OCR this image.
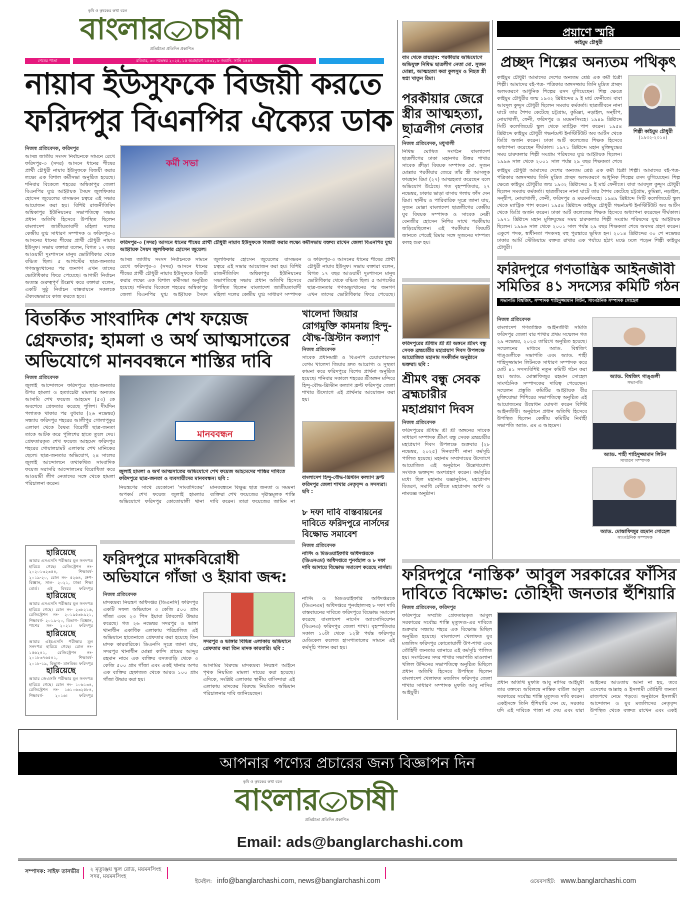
কৃষি ও কৃষকের কথা বলে
বাংলার চাষী
প্রতিষ্ঠাতা প্রতিদিন প্রকাশিত
শেষের পাতা	রবিবার, ৩০ নভেম্বর ২০২৫, ১৫ অগ্রহায়ণ ১৪৩২, ৮ জমাদি. সানি ১৪৪৭
নায়াব ইউসুফকে বিজয়ী করতে
ফরিদপুর বিএনপির ঐক্যের ডাক
নিজস্ব প্রতিবেদক, ফরিদপুর
আসন্ন জাতীয় সংসদ নির্বাচনকে সামনে রেখে ফরিদপুর-৩ (সদর) আসনে ধানের শীষের প্রার্থী চৌধুরী নায়াব ইউসুফকে বিজয়ী করার লক্ষ্যে এক বিশাল কর্মীসভা অনুষ্ঠিত হয়েছে। শনিবার বিকেলে শহরের অম্বিকাপুর জেলা বিএনপির যুগ্ম আহ্বায়ক সৈয়দ জুলফিকার হোসেন জুয়েলের বাসভবন চত্বরে এই সভার আয়োজন করা হয়। বিশিষ্ট রাজনীতিবিদ অম্বিকাপুর ইউনিয়নের সভাপতিত্বে সভায় প্রধান অতিথি হিসেবে উপস্থিত ছিলেন বাংলাদেশ জাতীয়তাবাদী মহিলা দলের কেন্দ্রীয় যুগ্ম সাধারণ সম্পাদক ও ফরিদপুর-৩ আসনের ধানের শীষের প্রার্থী চৌধুরী নায়াব ইউসুফ। সভায় বক্তারা বলেন, বিগত ১৭ বছর আওয়ামী দুঃশাসনে মানুষ ভোটাধিকার থেকে বঞ্চিত ছিল। ৫ আগস্টের ছাত্র-জনতার গণঅভ্যুত্থানের পর জনগণ এখন তাদের ভোটাধিকার ফিরে পেয়েছে। আগামী নির্বাচন অত্যন্ত গুরুত্বপূর্ণ উল্লেখ করে বক্তারা বলেন, একটি সুষ্ঠু নির্বাচন বাস্তবায়নে সকলকে ঐক্যবদ্ধভাবে কাজ করতে হবে।
কর্মী সভা
ফরিদপুর-৩ (সদর) আসনে ধানের শীষের প্রার্থী চৌধুরী নায়াব ইউসুফকে বিজয়ী করার লক্ষ্যে কর্মীসভায় বক্তব্য রাখেন জেলা বিএনপির যুগ্ম আহ্বায়ক সৈয়দ জুলফিকার হোসেন জুয়েল।
আসন্ন জাতীয় সংসদ নির্বাচনকে সামনে রেখে ফরিদপুর-৩ (সদর) আসনে ধানের শীষের প্রার্থী চৌধুরী নায়াব ইউসুফকে বিজয়ী করার লক্ষ্যে এক বিশাল কর্মীসভা অনুষ্ঠিত হয়েছে। শনিবার বিকেলে শহরের অম্বিকাপুর জেলা বিএনপির যুগ্ম আহ্বায়ক সৈয়দ জুলফিকার হোসেন জুয়েলের বাসভবন চত্বরে এই সভার আয়োজন করা হয়। বিশিষ্ট রাজনীতিবিদ অম্বিকাপুর ইউনিয়নের সভাপতিত্বে সভায় প্রধান অতিথি হিসেবে উপস্থিত ছিলেন বাংলাদেশ জাতীয়তাবাদী মহিলা দলের কেন্দ্রীয় যুগ্ম সাধারণ সম্পাদক ও ফরিদপুর-৩ আসনের ধানের শীষের প্রার্থী চৌধুরী নায়াব ইউসুফ। সভায় বক্তারা বলেন, বিগত ১৭ বছর আওয়ামী দুঃশাসনে মানুষ ভোটাধিকার থেকে বঞ্চিত ছিল। ৫ আগস্টের ছাত্র-জনতার গণঅভ্যুত্থানের পর জনগণ এখন তাদের ভোটাধিকার ফিরে পেয়েছে।
বাম থেকে রায়হান: পরকীয়ার অভিযোগে অভিযুক্ত নিষিদ্ধ ছাত্রলীগ নেতা মো. সুজন মোল্লা, আত্মহত্যা করা কুলসুম ও নিহত স্ত্রী স্বপ্না খাতুন রিমা।
পরকীয়ার জেরে স্ত্রীর আত্মহত্যা, ছাত্রলীগ নেতার
নিজস্ব প্রতিবেদক, মধুখালী
নিষিদ্ধ ঘোষিত সংগঠন বাংলাদেশ ছাত্রলীগের ঢাকা মহানগর উত্তর শাখার সাবেক ক্রীড়া বিষয়ক সম্পাদক মো. সুজন মোল্লার পরকীয়ার জেরে তাঁর স্ত্রী আসলুক ফারহান রিমা (২৭) আত্মহত্যা করেছেন বলে অভিযোগ উঠেছে। গত বৃহস্পতিবার, ২৭ নভেম্বর, ঢাকার ভাড়া বাসায় গলায় ফাঁস দেন রিমা। স্থানীয় ও পারিবারিক সূত্রে জানা যায়, সুজন মোল্লা বাংলাদেশ ছাত্রলীগের কেন্দ্রীয় যুব বিষয়ক সম্পাদক ও সাবেক নেত্রী বেনজীর হোসেন নিশির সাথে পরকীয়ায় জড়িয়েছিলেন। এই পরকীয়ার বিষয়টি জানতে পেরেই রিমার সঙ্গে সুজনের দাম্পত্য কলহ শুরু হয়।
প্রয়াণে স্মরি
কাইয়ুম চৌধুরী
প্রচ্ছদ শিল্পের অন্যতম পথিকৃৎ
কাইয়ুম চৌধুরী আমাদের দেশের অন্যতম শ্রেষ্ঠ এক কর্মী চিত্রী শিল্পী। আমাদের বই-পত্র- পত্রিকার অঙ্গসজ্জায় তিনি মুদ্রিত প্রচ্ছদ অলংকরণে আধুনিক শিল্পের রসদ যুগিয়েছেন। শিল্প ক্ষেত্রে কাইয়ুম চৌধুরীর জন্ম ১৯৩২ খ্রিষ্টাব্দের ৯ ই মার্চ ফেনীতে। বাবা আবদুল কুদ্দুস চৌধুরী ছিলেন সমবায় কর্মকর্তা। ছাত্রজীবনে নানা ঘাটে তার শৈশব কেটেছে চট্টগ্রাম, কুমিল্লা, নড়াইল, সন্দ্বীপ, নোয়াখালী, ফেনী, ফরিদপুর ও ময়মনসিংহে। ১৯৪৯ খ্রিষ্টাব্দে সিটি কলেজিয়েট স্কুল থেকে ম্যাট্রিক পাশ করেন। ১৯৫৪ খ্রিষ্টাব্দে কাইয়ুম চৌধুরী গভর্নমেন্ট ইনস্টিটিউট অব আর্টস থেকে ডিগ্রি অর্জন করেন। ঢাকা আর্ট কলেজের শিক্ষক হিসেবে অধ্যাপনা করেছেন দীর্ঘকাল। ১৯৭১ খ্রিষ্টাব্দে মহান মুক্তিযুদ্ধের সময় চারুকলার শিল্পী সংগ্রাম পরিষদের যুগ্ম আহ্বায়ক ছিলেন। ১৯৯৬ সাল থেকে ২০০১ সাল পর্যন্ত ২৯ বছর শিক্ষকতা শেষে
শিল্পী কাইয়ুম চৌধুরী
(১৯৩২-২০১৪)
কাইয়ুম চৌধুরী আমাদের দেশের অন্যতম শ্রেষ্ঠ এক কর্মী চিত্রী শিল্পী। আমাদের বই-পত্র- পত্রিকার অঙ্গসজ্জায় তিনি মুদ্রিত প্রচ্ছদ অলংকরণে আধুনিক শিল্পের রসদ যুগিয়েছেন। শিল্প ক্ষেত্রে কাইয়ুম চৌধুরীর জন্ম ১৯৩২ খ্রিষ্টাব্দের ৯ ই মার্চ ফেনীতে। বাবা আবদুল কুদ্দুস চৌধুরী ছিলেন সমবায় কর্মকর্তা। ছাত্রজীবনে নানা ঘাটে তার শৈশব কেটেছে চট্টগ্রাম, কুমিল্লা, নড়াইল, সন্দ্বীপ, নোয়াখালী, ফেনী, ফরিদপুর ও ময়মনসিংহে। ১৯৪৯ খ্রিষ্টাব্দে সিটি কলেজিয়েট স্কুল থেকে ম্যাট্রিক পাশ করেন। ১৯৫৪ খ্রিষ্টাব্দে কাইয়ুম চৌধুরী গভর্নমেন্ট ইনস্টিটিউট অব আর্টস থেকে ডিগ্রি অর্জন করেন। ঢাকা আর্ট কলেজের শিক্ষক হিসেবে অধ্যাপনা করেছেন দীর্ঘকাল। ১৯৭১ খ্রিষ্টাব্দে মহান মুক্তিযুদ্ধের সময় চারুকলার শিল্পী সংগ্রাম পরিষদের যুগ্ম আহ্বায়ক ছিলেন। ১৯৯৬ সাল থেকে ২০০১ সাল পর্যন্ত ২৯ বছর শিক্ষকতা শেষে অবসর গ্রহণ করেন। একুশে পদক, স্বাধীনতা পদকসহ বহু পুরস্কারে ভূষিত হন। ২০১৪ খ্রিষ্টাব্দের ৩০ শে নভেম্বর ঢাকার আর্মি স্টেডিয়ামে বক্তব্য রাখার এক পর্যায়ে হঠাৎ মঞ্চে ঢলে পড়েন শিল্পী কাইয়ুম চৌধুরী।
ফরিদপুরে গণতান্ত্রিক আইনজীবী সমিতির ৪১ সদস্যের কমিটি গঠন
সভাপতি বিশ্বজিৎ, সম্পাদক শাহিদুজ্জামান লিটন, সাংগঠনিক সম্পাদক সোহেল
নিজস্ব প্রতিবেদক
বাংলাদেশ গণতান্ত্রিক আইনজীবী সমিতি ফরিদপুর জেলা বার শাখার প্রথম সম্মেলন গত ২৯ নভেম্বর, ২০২৫ তারিখে অনুষ্ঠিত হয়েছে। সম্মেলনের মাধ্যমে অ্যাড. বিশ্বজিৎ গাঙ্গুলীকে সভাপতি এবং অ্যাড. শাহী শাহিদুজ্জামান লিটনকে সাধারণ সম্পাদক করে মোট ৪১ সদস্যবিশিষ্ট নতুন কমিটি গঠন করা হয়। অ্যাড. মোস্তাফিজুর রহমান সোহেল সাংগঠনিক সম্পাদকের দায়িত্ব পেয়েছেন। সম্মেলন প্রস্তুতি কমিটির আহ্বায়ক বীর মুক্তিযোদ্ধা শিশিরের সভাপতিত্বে অনুষ্ঠিত এই আয়োজনের উদ্বোধন ঘোষণা করেন বিশিষ্ট আইনজীবী। অনুষ্ঠানে প্রধান অতিথি হিসেবে উপস্থিত ছিলেন কেন্দ্রীয় কমিটির নির্বাহী সভাপতি অ্যাড. এম এ আহমেদ।
অ্যাড. বিশ্বজিৎ গাঙ্গুলী
সভাপতি
অ্যাড. শাহী শাহিদুজ্জামান লিটন
সাধারণ সম্পাদক
অ্যাড. মোস্তাফিজুর রহমান সোহেল
সাংগঠনিক সম্পাদক
বিতর্কিত সাংবাদিক শেখ ফয়েজ গ্রেফতার; হামলা ও অর্থ আত্মসাতের অভিযোগে মানববন্ধনে শাস্তির দাবি
নিজস্ব প্রতিবেদক
জুলাই আন্দোলনে ফরিদপুরে ছাত্র-জনতার উপর হামলা ও হত্যাচেষ্টা মামলার অন্যতম আসামি শেখ ফয়েজ আহমেদ (৫৩) কে অবশেষে গ্রেফতার করেছে পুলিশ। দীর্ঘদিন পলাতক থাকার পর বুধবার (২৬ নভেম্বর) সন্ধ্যায় ফরিদপুর শহরের আলীপুর গোলাপুকুর এলাকা থেকে বৈষম্য বিরোধী ছাত্র-জনতা তাকে আটক করে পুলিশের হাতে তুলে দেয়। গ্রেফতারকৃত শেখ ফয়েজ আহমেদ ফরিদপুর শহরের গোয়ালচামট এলাকার শেখ মানিকের ছেলে। ছাত্র-জনতার অভিযোগ, ২৪ সালের জুলাই আন্দোলনে তথাকথিত সাংবাদিক ফয়েজ সরাসরি আন্দোলনের বিরোধিতা করে আওয়ামী লীগ নেতাদের সঙ্গে থেকে হামলা পরিচালনা করেন।
মানববন্ধন
জুলাই হামলা ও অর্থ আত্মসাতের অভিযোগে শেখ ফয়েজ আহমেদের শাস্তির দাবিতে ফরিদপুরে ছাত্র-জনতা ও ব্যবসায়ীদের মানববন্ধন। ছবি :
নিয়ন্ত্রণের সাথে যেকোনো 'সাংবাদিকের' অপকর্ম শেখ ফয়েজ জুলাই হামলার অভিযোগে ফরিদপুর কোতোয়ালী থানা
মানববন্ধনে বিক্ষুব্ধ ছাত্র জনতা ও সমমনা ব্যক্তিরা শেখ ফয়েজের দৃষ্টান্তমূলক শাস্তি দাবি করেন। তারা ফয়েজের জামিন না
খালেদা জিয়ার রোগমুক্তি কামনায় হিন্দু-বৌদ্ধ-খ্রিস্টান কল্যাণ
নিজস্ব প্রতিবেদক
সাবেক প্রধানমন্ত্রী ও বিএনপি চেয়ারপারসন বেগম খালেদা জিয়ার দ্রুত আরোগ্য ও সুস্থতা কামনা করে ফরিদপুরে বিশেষ প্রার্থনা অনুষ্ঠিত হয়েছে। শনিবার সকালে শহরের শ্রীঅঙ্গন মন্দিরে হিন্দু-বৌদ্ধ-খ্রিস্টান কল্যাণ ফ্রন্ট ফরিদপুর জেলা শাখার উদ্যোগে এই প্রার্থনার আয়োজন করা হয়।
বাংলাদেশ হিন্দু-বৌদ্ধ-খ্রিস্টান কল্যাণ ফ্রন্ট ফরিদপুর জেলা শাখার নেতৃবৃন্দ ও সদস্যরা। ছবি :
৮ দফা দাবি বাস্তবায়নের দাবিতে ফরিদপুরে নার্সদের বিক্ষোভ সমাবেশ
নিজস্ব প্রতিবেদক
নার্সিং ও মিডওয়াইফারি অধিদপ্তরকে (ডিএনএম) অধিদপ্তরে পুনর্বহাল ও ৮ দফা দাবি আদায়ে বিক্ষোভ সমাবেশ করেছে নার্সরা।
নার্সিং ও মিডওয়াইফারি অধিদপ্তরকে (ডিএনএম) অধিদপ্তরে পুনর্বহালসহ ৮ দফা দাবি বাস্তবায়নের দাবিতে ফরিদপুরে বিক্ষোভ সমাবেশ করেছে বাংলাদেশ নার্সেস অ্যাসোসিয়েশন (বিএনএ) ফরিদপুর জেলা শাখা। বৃহস্পতিবার সকাল ১০টা থেকে ১২টা পর্যন্ত ফরিদপুর মেডিকেল কলেজ হাসপাতালের সামনে এই কর্মসূচি পালন করা হয়।
ফরিদপুরের শ্রীধাম শ্রী শ্রী অঙ্গনে শ্রীমৎ বন্ধু সেবক ব্রহ্মচারীর মহাপ্রয়াণ দিবস উপলক্ষে আয়োজিত মহানাম সংকীর্তন অনুষ্ঠানে ভক্তরা। ছবি :
শ্রীমৎ বন্ধু সেবক ব্রহ্মচারীর মহাপ্রয়াণ দিবস
নিজস্ব প্রতিবেদক
ফরিদপুরের শ্রীধাম শ্রী শ্রী অঙ্গনের সাবেক সাধারণ সম্পাদক শ্রীমৎ বন্ধু সেবক ব্রহ্মচারীর মহাপ্রয়াণ দিবস উপলক্ষে শুক্রবার (২৮ নভেম্বর, ২০২৫) দিনব্যাপী নানা কর্মসূচি পালিত হয়েছে। মহানাম সম্প্রদায়ের উদ্যোগে আয়োজিত এই অনুষ্ঠানে উল্লেখযোগ্য সংখ্যক ভক্তবৃন্দ অংশগ্রহণ করেন। কর্মসূচির মধ্যে ছিল মহানাম যজ্ঞানুষ্ঠান, মহাপ্রসাদ বিতরণ, সমাধি বেদীতে মহাপ্রসাদ অর্পণ ও নামযজ্ঞ অনুষ্ঠান।
হারিয়েছে
আমার এসএসসি পরীক্ষার মূল সনদপত্র হারিয়ে গেছে। রেজিস্ট্রেশন নং- ২০২০১৩২৩৫৪, শিক্ষাবর্ষ- ২০১৯-২০, রোল নং- ৫২৬৪, গ্রুপ- বিজ্ঞান, সাল- ২০২১, ঢাকা শিক্ষা বোর্ড। এই বিষয়ে ফরিদপুর
হারিয়েছে
আমার এসএসসি পরীক্ষার মূল সনদপত্র হারিয়ে গেছে। রোল নং- ২৩৮২১৬, রেজিস্ট্রেশন নং- ২০১৯৫৩৮৯২১, শিক্ষাবর্ষ- ২০১৯-২০, বিভাগ- বিজ্ঞান, পাশের সন- ২০২১। ফরিদপুর
হারিয়েছে
আমার এইচএসসি পরীক্ষার মূল সনদপত্র হারিয়ে গেছে। রোল নং- ১৫৬২৪১, রেজিস্ট্রেশন নং- ২০১৮৩৭৬৫৪১, শিক্ষাবর্ষ- ২০১৮-১৯, বিভাগ- মানবিক। ফরিদপুর
হারিয়েছে
আমার জেএসসি পরীক্ষার মূল সনদপত্র হারিয়ে গেছে। রোল নং- ১০৬১৩৪, রেজিস্ট্রেশন নং- ১৬১০৬৩২৫৮৪, শিক্ষাবর্ষ- ২০১৬। ফরিদপুর
ফরিদপুরে মাদকবিরোধী অভিযানে গাঁজা ও ইয়াবা জব্দ:
নিজস্ব প্রতিবেদক
মাদকদ্রব্য নিয়ন্ত্রণ অধিদপ্তর (ডিএনসি) ফরিদপুর একটি সফল অভিযানে ৩ কেজি ৫০০ গ্রাম গাঁজা এবং ২৩ পিস ইয়াবা ট্যাবলেট উদ্ধার করেছে। গত ২৬ নভেম্বর সদরপুর ও ভাঙ্গা থানাধীন একাধিক এলাকায় পরিচালিত এই অভিযানে হাতেনাতে গ্রেফতার করা হয়েছে তিন মাদক কারবারিকে। ডিএনসি সূত্রে জানা যায়, সদরপুর থানাধীন মোল্লা কান্দি গ্রামের আব্দুর রহমান নামে এক ব্যক্তির বসতবাড়ি থেকে ৩ কেজি ৫০০ গ্রাম গাঁজা এবং একই থানার অপর এক ব্যক্তির হেফাজত থেকে আরও ১০০ গ্রাম গাঁজা উদ্ধার করা হয়।
সদরপুর ও ভাঙ্গার বিভিন্ন এলাকায় অভিযানে গ্রেফতার করা তিন মাদক কারবারি। ছবি :
আসামির বিরুদ্ধে মাদকদ্রব্য নিয়ন্ত্রণ আইনে পৃথক নিয়মিত মামলা দায়ের করা হয়েছে। এদিকে, সংশ্লিষ্ট এলাকার স্থানীয় বাসিন্দারা এই এলাকায় মাদকের বিরুদ্ধে নিয়মিত অভিযান পরিচালনার দাবি জানিয়েছেন।
ফরিদপুরে ‘নাস্তিক’ আবুল সরকারের ফাঁসির দাবিতে বিক্ষোভ: তৌহিদী জনতার হুঁশিয়ারি
নিজস্ব প্রতিবেদক, ফরিদপুর
ফরিদপুরে সম্প্রতি গ্রেফতারকৃত আবুল সরকারের সর্বোচ্চ শাস্তি মৃত্যুদণ্ড-এর দাবিতে শুক্রবার সন্ধ্যায় শহরে এক বিক্ষোভ মিছিল অনুষ্ঠিত হয়েছে। বাংলাদেশ খেলাফত যুব মজলিস ফরিদপুর কোতোয়ালী উপ-শাখা এবং তৌহিদী জনতার ব্যানারে এই কর্মসূচি পালিত হয়। সংগঠনের সদর শাখার সভাপতি মাওলানা খলিল উদ্দিনের সভাপতিত্বে অনুষ্ঠিত মিছিলে প্রধান অতিথি হিসেবে উপস্থিত ছিলেন বাংলাদেশ খেলাফত মজলিস ফরিদপুর জেলা শাখার সাধারণ সম্পাদক মুফতি আবু নাসির আইয়ুবী।
প্রধান অতিথি মুফতি আবু নাসির আইয়ুবী তার বক্তব্যে অবিলম্বে নাস্তিক বাউল আবুল সরকারের সর্বোচ্চ শাস্তি মৃত্যুদণ্ড দাবি করেন। একইসঙ্গে তিনি হুঁশিয়ারি দেন যে, সরকার যদি এই দাবিকে পাত্তা না দেয় এবং যারা
আইনের আওতায় আনা না হয়, তবে এদেশের আল্লাহ ও ইসলামী তৌহিদী জনতা রাজপথে নেমে পড়বে। অনুষ্ঠানে ইসলামী আন্দোলন ও যুব মজলিসের নেতৃবৃন্দ উপস্থিত থেকে বক্তব্য রাখেন এবং একই
আপনার পণ্যের প্রচারের জন্য বিজ্ঞাপন দিন
কৃষি ও কৃষকের কথা বলে
বাংলার চাষী
প্রতিষ্ঠাতা প্রতিদিন প্রকাশিত
Email: ads@banglarchashi.com
সম্পাদক: সাইফ তানভীর ২ মৃত্যুঞ্জয় স্কুল রোড, ময়মনসিংহ সদর, ময়মনসিংহ
ইমেইল: info@banglarchashi.com, news@banglarchashi.com	ওয়েবসাইট: www.banglarchashi.com
